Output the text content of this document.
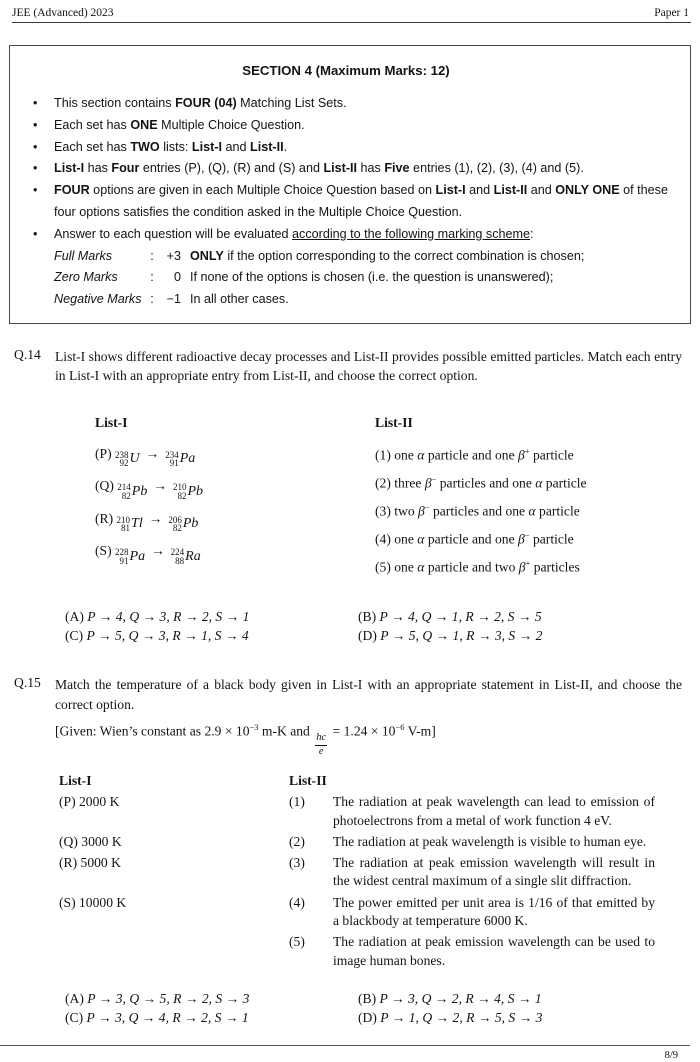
JEE (Advanced) 2023	Paper 1
SECTION 4 (Maximum Marks: 12)
• This section contains FOUR (04) Matching List Sets.
• Each set has ONE Multiple Choice Question.
• Each set has TWO lists: List-I and List-II.
• List-I has Four entries (P), (Q), (R) and (S) and List-II has Five entries (1), (2), (3), (4) and (5).
• FOUR options are given in each Multiple Choice Question based on List-I and List-II and ONLY ONE of these four options satisfies the condition asked in the Multiple Choice Question.
• Answer to each question will be evaluated according to the following marking scheme:
Full Marks	:	+3 ONLY if the option corresponding to the correct combination is chosen;
Zero Marks	:	0 If none of the options is chosen (i.e. the question is unanswered);
Negative Marks :	−1 In all other cases.
Q.14	List-I shows different radioactive decay processes and List-II provides possible emitted particles. Match each entry in List-I with an appropriate entry from List-II, and choose the correct option.
List-I
(P) 238
92 U → 234
91 Pa
(Q) 214
82 Pb → 210
82 Pb
(R) 210
81 Tl → 206
82 Pb
(S) 228
91 Pa → 224
88 Ra
List-II
(1) one α particle and one β+ particle
(2) three β− particles and one α particle
(3) two β− particles and one α particle
(4) one α particle and one β− particle
(5) one α particle and two β+ particles
(A) P → 4, Q → 3, R → 2, S → 1	(B) P → 4, Q → 1, R → 2, S → 5
(C) P → 5, Q → 3, R → 1, S → 4	(D) P → 5, Q → 1, R → 3, S → 2
Q.15	Match the temperature of a black body given in List-I with an appropriate statement in List-II, and choose the correct option.
[Given: Wien’s constant as $2.9 \times 10^{-3}$ m-K and
$\frac{hc}{e}$
= $1.24 \times 10^{-6}$ V-m]
List-I	List-II
(P) 2000 K	(1)	The radiation at peak wavelength can lead to emission of photoelectrons from a metal of work function 4 eV.
(Q) 3000 K	(2)	The radiation at peak wavelength is visible to human eye.
(R) 5000 K	(3)	The radiation at peak emission wavelength will result in the widest central maximum of a single slit diffraction.
(S) 10000 K	(4)	The power emitted per unit area is 1/16 of that emitted by a blackbody at temperature 6000 K.
(5)	The radiation at peak emission wavelength can be used to image human bones.
(A) P → 3, Q → 5, R → 2, S → 3	(B) P → 3, Q → 2, R → 4, S → 1
(C) P → 3, Q → 4, R → 2, S → 1	(D) P → 1, Q → 2, R → 5, S → 3
8/9
